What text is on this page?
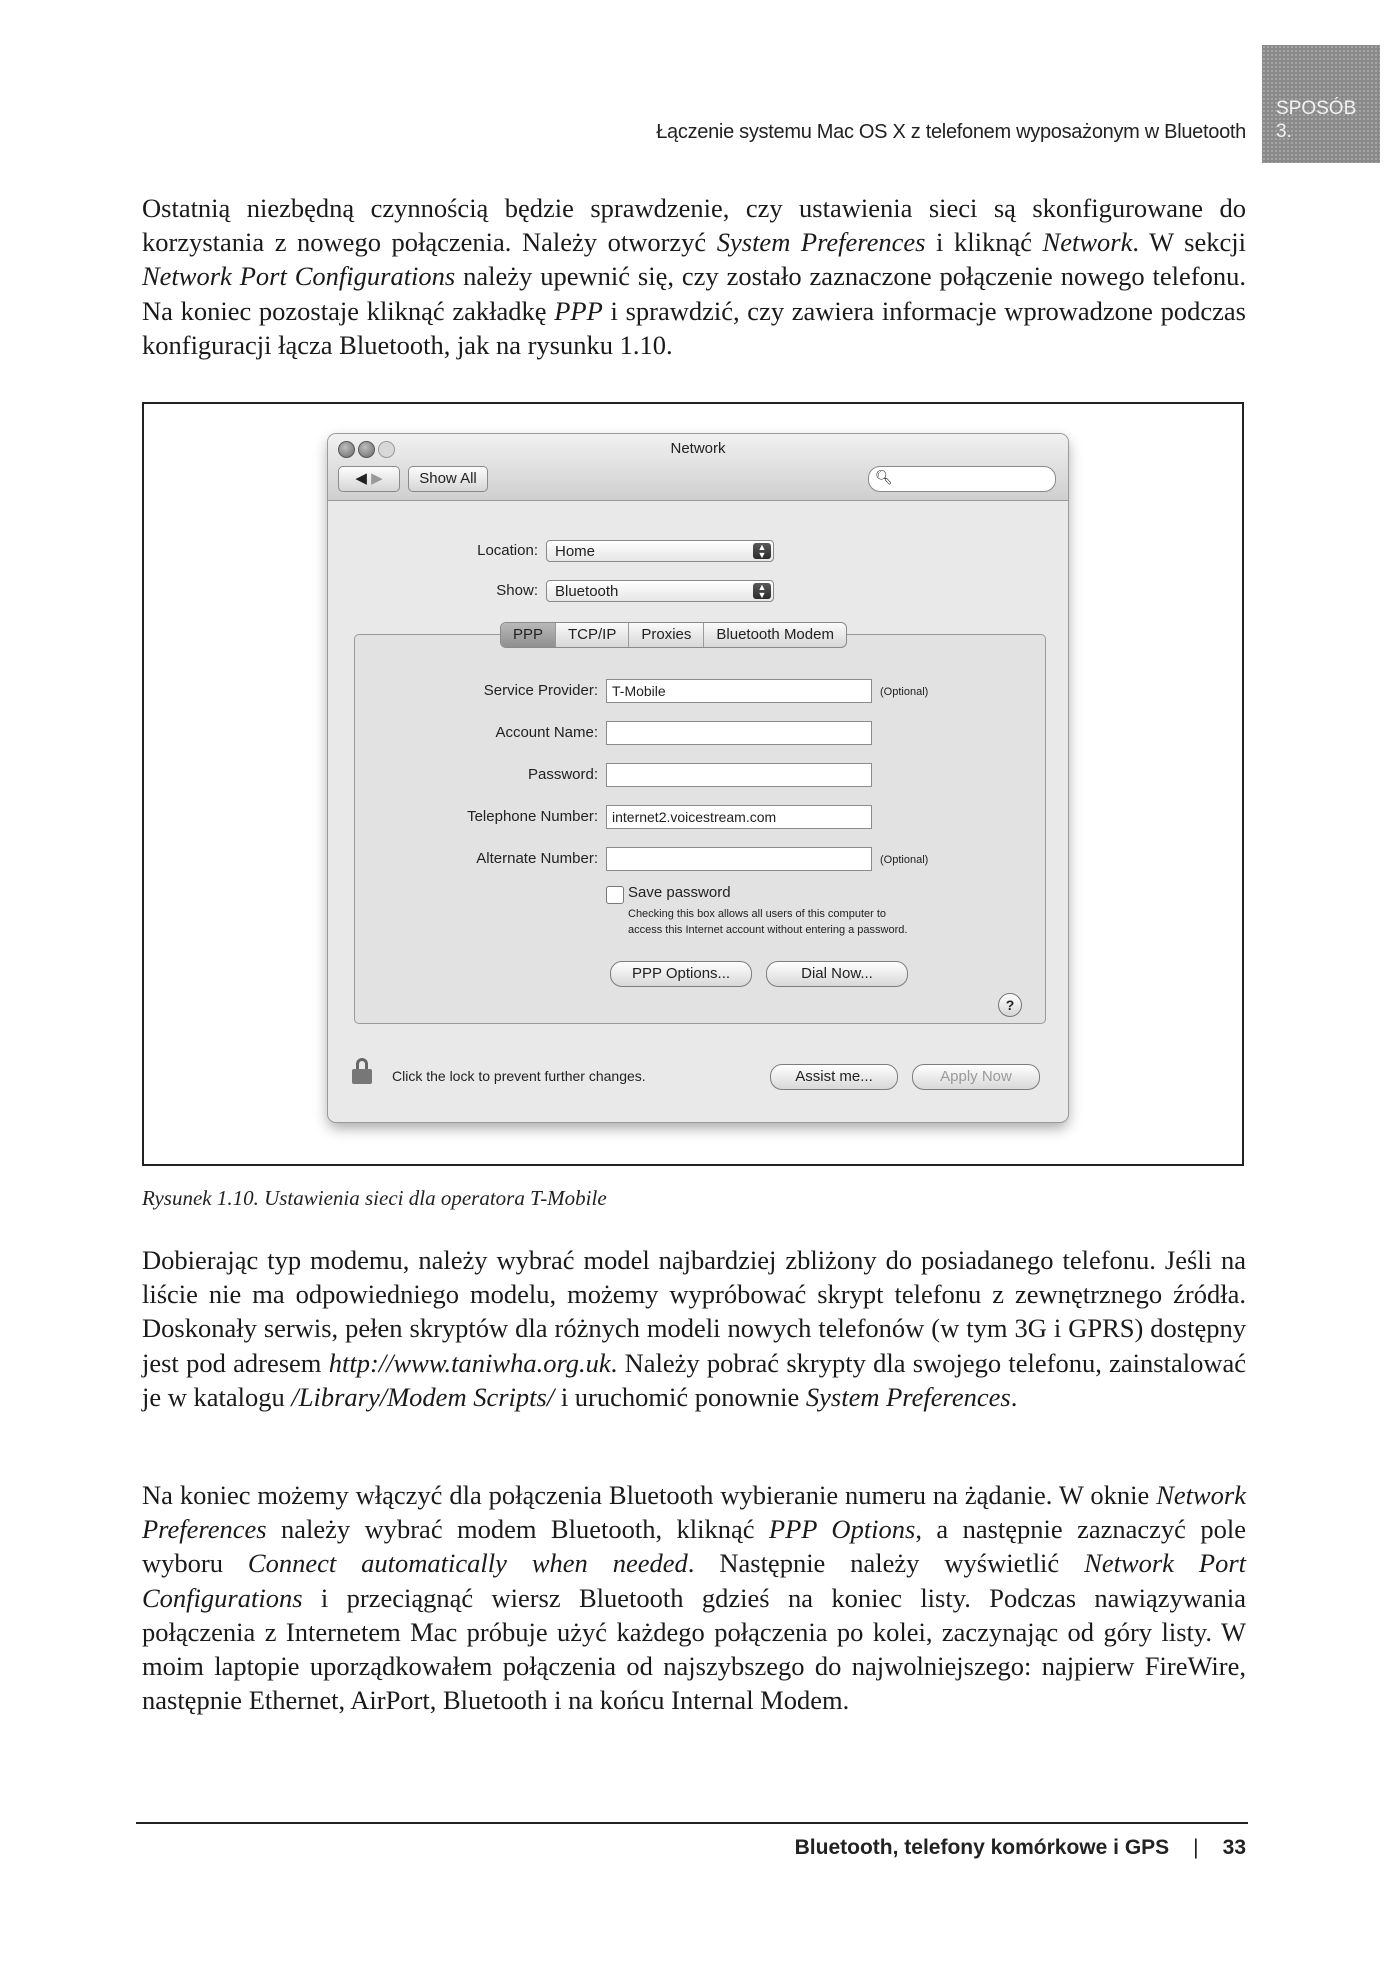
Łączenie systemu Mac OS X z telefonem wyposażonym w Bluetooth
SPOSÓB
3.

Ostatnią niezbędną czynnością będzie sprawdzenie, czy ustawienia sieci są skonfigurowane do korzystania z nowego połączenia. Należy otworzyć System Preferences i kliknąć Network. W sekcji Network Port Configurations należy upewnić się, czy zostało zaznaczone połączenie nowego telefonu. Na koniec pozostaje kliknąć zakładkę PPP i sprawdzić, czy zawiera informacje wprowadzone podczas konfiguracji łącza Bluetooth, jak na rysunku 1.10.

Network
◀ ▶	Show All	🔍︎
Location:	Home	▲
▼
Show:	Bluetooth	▲
▼
PPP	TCP/IP	Proxies	Bluetooth Modem
Service Provider:	T-Mobile	(Optional)
Account Name:
Password:
Telephone Number:	internet2.voicestream.com
Alternate Number:	(Optional)
Save password
Checking this box allows all users of this computer to
access this Internet account without entering a password.
PPP Options...	Dial Now...
?
Click the lock to prevent further changes.	Assist me...	Apply Now
Rysunek 1.10. Ustawienia sieci dla operatora T-Mobile

Dobierając typ modemu, należy wybrać model najbardziej zbliżony do posiadanego telefonu. Jeśli na liście nie ma odpowiedniego modelu, możemy wypróbować skrypt telefonu z zewnętrznego źródła. Doskonały serwis, pełen skryptów dla różnych modeli nowych telefonów (w tym 3G i GPRS) dostępny jest pod adresem http://www.taniwha.org.uk. Należy pobrać skrypty dla swojego telefonu, zainstalować je w katalogu /Library/Modem Scripts/ i uruchomić ponownie System Preferences.

Na koniec możemy włączyć dla połączenia Bluetooth wybieranie numeru na żądanie. W oknie Network Preferences należy wybrać modem Bluetooth, kliknąć PPP Options, a następnie zaznaczyć pole wyboru Connect automatically when needed. Następnie należy wyświetlić Network Port Configurations i przeciągnąć wiersz Bluetooth gdzieś na koniec listy. Podczas nawiązywania połączenia z Internetem Mac próbuje użyć każdego połączenia po kolei, zaczynając od góry listy. W moim laptopie uporządkowałem połączenia od najszybszego do najwolniejszego: najpierw FireWire, następnie Ethernet, AirPort, Bluetooth i na końcu Internal Modem.

Bluetooth, telefony komórkowe i GPS | 33
